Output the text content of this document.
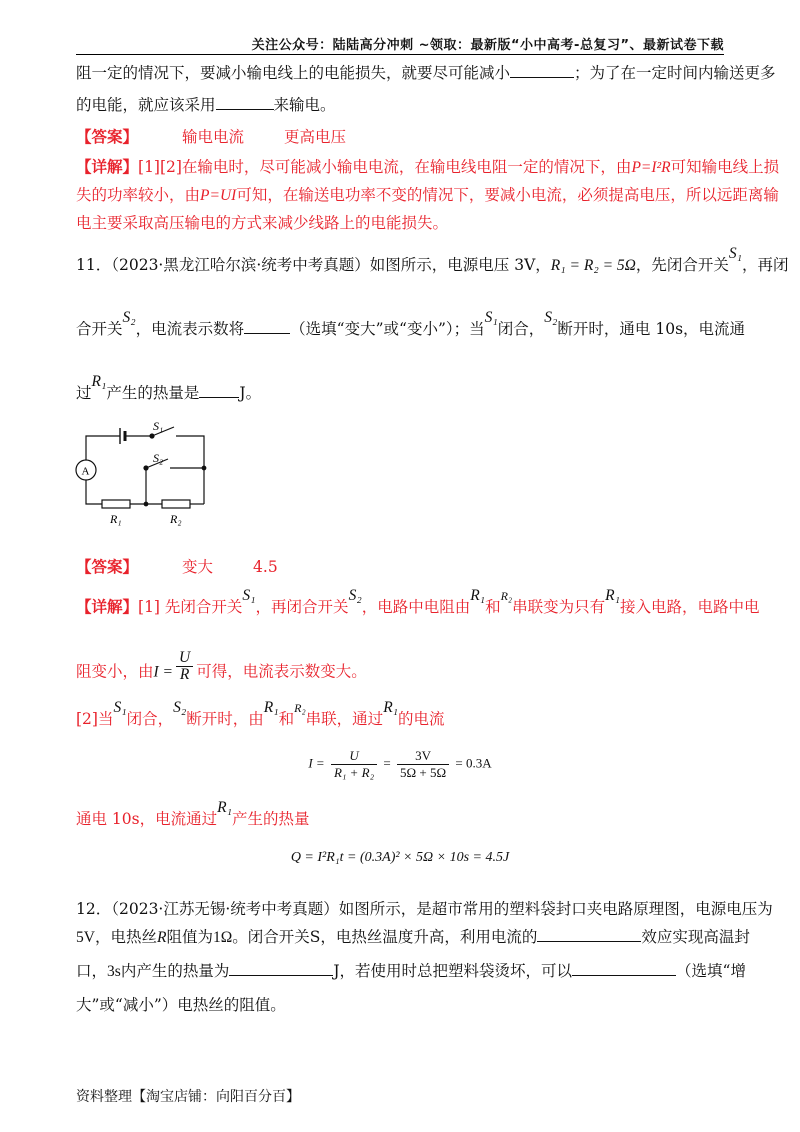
关注公众号：陆陆高分冲刺 ~领取：最新版“小中高考-总复习”、最新试卷下载
阻一定的情况下，要减小输电线上的电能损失，就要尽可能减小	；为了在一定时间内输送更多
的电能，就应该采用	来输电。
【答案】	输电电流	更高电压
【详解】[1][2]在输电时，尽可能减小输电电流，在输电线电阻一定的情况下，由P=I²R可知输电线上损
失的功率较小，由P=UI可知，在输送电功率不变的情况下，要减小电流，必须提高电压，所以远距离输
电主要采取高压输电的方式来减少线路上的电能损失。
11．（2023·黑龙江哈尔滨·统考中考真题）如图所示，电源电压 3V，R₁ = R₂ = 5Ω，先闭合开关S₁，再闭
合开关S₂，电流表示数将	（选填“变大”或“变小”）；当S₁闭合，S₂断开时，通电 10s，电流通
过R₁产生的热量是	J。
S₁
S₂
A
R₁	R₂
【答案】	变大	4.5
【详解】[1] 先闭合开关S₁，再闭合开关S₂，电路中电阻由R₁和$^{R_2}$串联变为只有R₁接入电路，电路中电
阻变小，由$I = \frac{U}{R}$ 可得，电流表示数变大。
[2]当S₁闭合，S₂断开时，由R₁和$^{R_2}$串联，通过R₁的电流
$I = \frac{U}{\text{R₁ + R₂}} = \frac{3V}{5\Omega + 5\Omega} = 0.3A$
通电 10s，电流通过R₁产生的热量
Q = I²R₁t = (0.3A)² × 5Ω × 10s = 4.5J
12．（2023·江苏无锡·统考中考真题）如图所示，是超市常用的塑料袋封口夹电路原理图，电源电压为
5V，电热丝R阻值为1Ω。闭合开关S，电热丝温度升高，利用电流的	效应实现高温封
口，3s内产生的热量为	J，若使用时总把塑料袋烫坏，可以	（选填“增
大”或“减小”）电热丝的阻值。
资料整理【淘宝店铺：向阳百分百】
